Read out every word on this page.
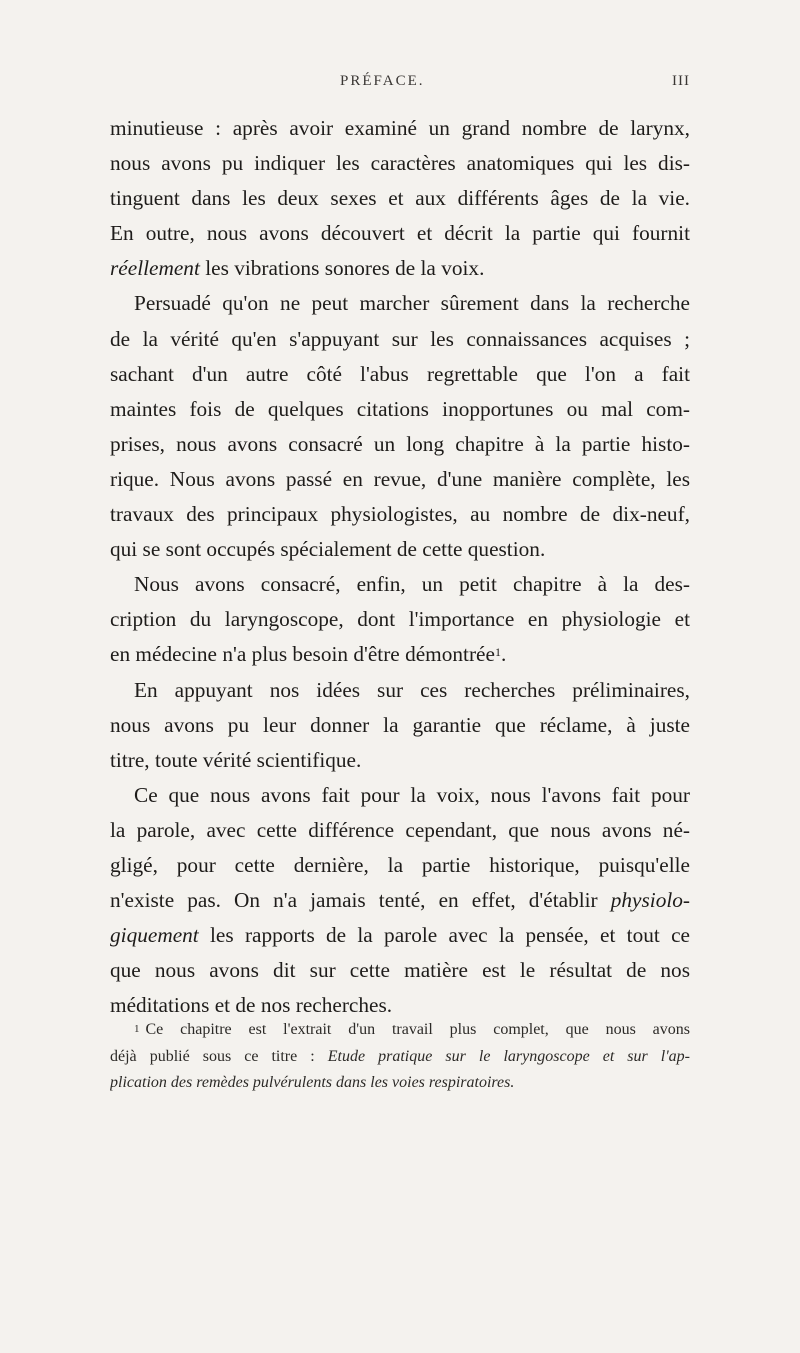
PRÉFACE.	III

minutieuse : après avoir examiné un grand nombre de larynx,
nous avons pu indiquer les caractères anatomiques qui les dis-
tinguent dans les deux sexes et aux différents âges de la vie.
En outre, nous avons découvert et décrit la partie qui fournit
réellement les vibrations sonores de la voix.

Persuadé qu'on ne peut marcher sûrement dans la recherche
de la vérité qu'en s'appuyant sur les connaissances acquises ;
sachant d'un autre côté l'abus regrettable que l'on a fait
maintes fois de quelques citations inopportunes ou mal com-
prises, nous avons consacré un long chapitre à la partie histo-
rique. Nous avons passé en revue, d'une manière complète, les
travaux des principaux physiologistes, au nombre de dix-neuf,
qui se sont occupés spécialement de cette question.

Nous avons consacré, enfin, un petit chapitre à la des-
cription du laryngoscope, dont l'importance en physiologie et
en médecine n'a plus besoin d'être démontrée$^1$.

En appuyant nos idées sur ces recherches préliminaires,
nous avons pu leur donner la garantie que réclame, à juste
titre, toute vérité scientifique.

Ce que nous avons fait pour la voix, nous l'avons fait pour
la parole, avec cette différence cependant, que nous avons né-
gligé, pour cette dernière, la partie historique, puisqu'elle
n'existe pas. On n'a jamais tenté, en effet, d'établir physiolo-
giquement les rapports de la parole avec la pensée, et tout ce
que nous avons dit sur cette matière est le résultat de nos
méditations et de nos recherches.

$^1$ Ce chapitre est l'extrait d'un travail plus complet, que nous avons
déjà publié sous ce titre : Etude pratique sur le laryngoscope et sur l'ap-
plication des remèdes pulvérulents dans les voies respiratoires.
